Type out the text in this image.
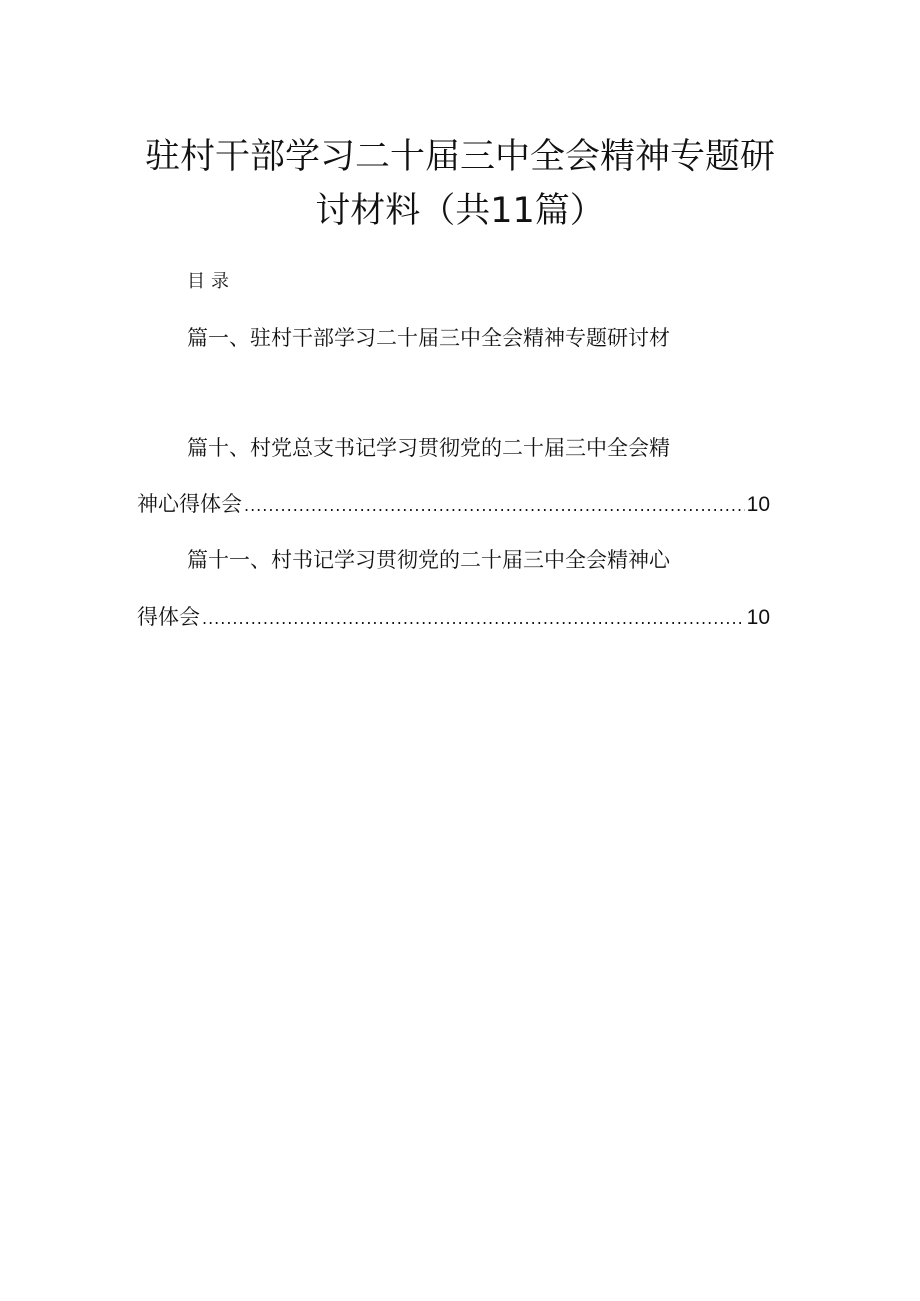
驻村干部学习二十届三中全会精神专题研
讨材料（共11篇）
目录
篇一、驻村干部学习二十届三中全会精神专题研讨材
篇十、村党总支书记学习贯彻党的二十届三中全会精
神心得体会 .....	10
篇十一、村书记学习贯彻党的二十届三中全会精神心
得体会 .....	10
